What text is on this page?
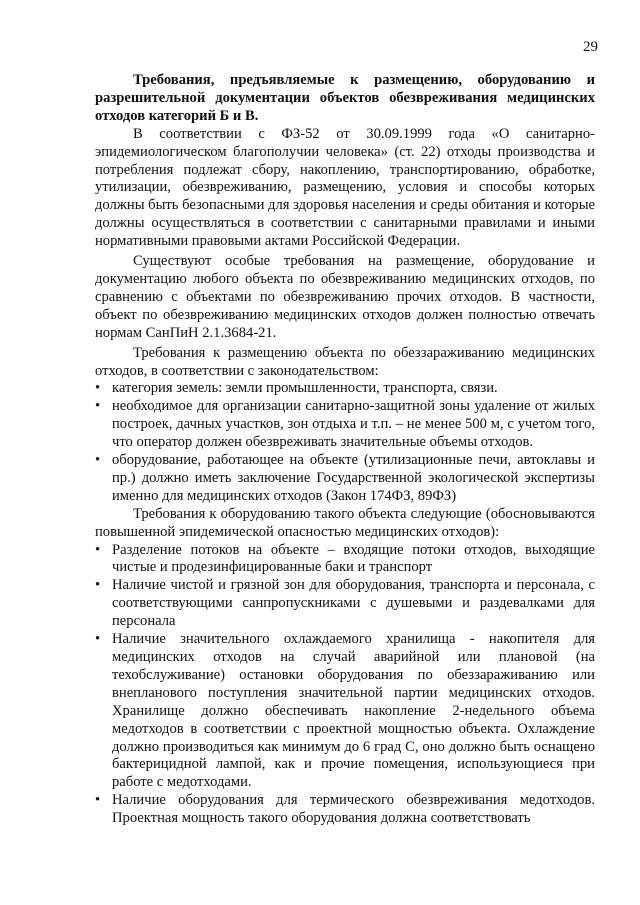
29

Требования, предъявляемые к размещению, оборудованию и разрешительной документации объектов обезвреживания медицинских отходов категорий Б и В.

В соответствии с ФЗ-52 от 30.09.1999 года «О санитарно-эпидемиологическом благополучии человека» (ст. 22) отходы производства и потребления подлежат сбору, накоплению, транспортированию, обработке, утилизации, обезвреживанию, размещению, условия и способы которых должны быть безопасными для здоровья населения и среды обитания и которые должны осуществляться в соответствии с санитарными правилами и иными нормативными правовыми актами Российской Федерации.

Существуют особые требования на размещение, оборудование и документацию любого объекта по обезвреживанию медицинских отходов, по сравнению с объектами по обезвреживанию прочих отходов. В частности, объект по обезвреживанию медицинских отходов должен полностью отвечать нормам СанПиН 2.1.3684-21.

Требования к размещению объекта по обеззараживанию медицинских отходов, в соответствии с законодательством:

• категория земель: земли промышленности, транспорта, связи.
• необходимое для организации санитарно-защитной зоны удаление от жилых построек, дачных участков, зон отдыха и т.п. – не менее 500 м, с учетом того, что оператор должен обезвреживать значительные объемы отходов.
• оборудование, работающее на объекте (утилизационные печи, автоклавы и пр.) должно иметь заключение Государственной экологической экспертизы именно для медицинских отходов (Закон 174ФЗ, 89ФЗ)

Требования к оборудованию такого объекта следующие (обосновываются повышенной эпидемической опасностью медицинских отходов):

• Разделение потоков на объекте – входящие потоки отходов, выходящие чистые и продезинфицированные баки и транспорт
• Наличие чистой и грязной зон для оборудования, транспорта и персонала, с соответствующими санпропускниками с душевыми и раздевалками для персонала
• Наличие значительного охлаждаемого хранилища - накопителя для медицинских отходов на случай аварийной или плановой (на техобслуживание) остановки оборудования по обеззараживанию или внепланового поступления значительной партии медицинских отходов. Хранилище должно обеспечивать накопление 2-недельного объема медотходов в соответствии с проектной мощностью объекта. Охлаждение должно производиться как минимум до 6 град С, оно должно быть оснащено бактерицидной лампой, как и прочие помещения, использующиеся при работе с медотходами.
• Наличие оборудования для термического обезвреживания медотходов. Проектная мощность такого оборудования должна соответствовать
